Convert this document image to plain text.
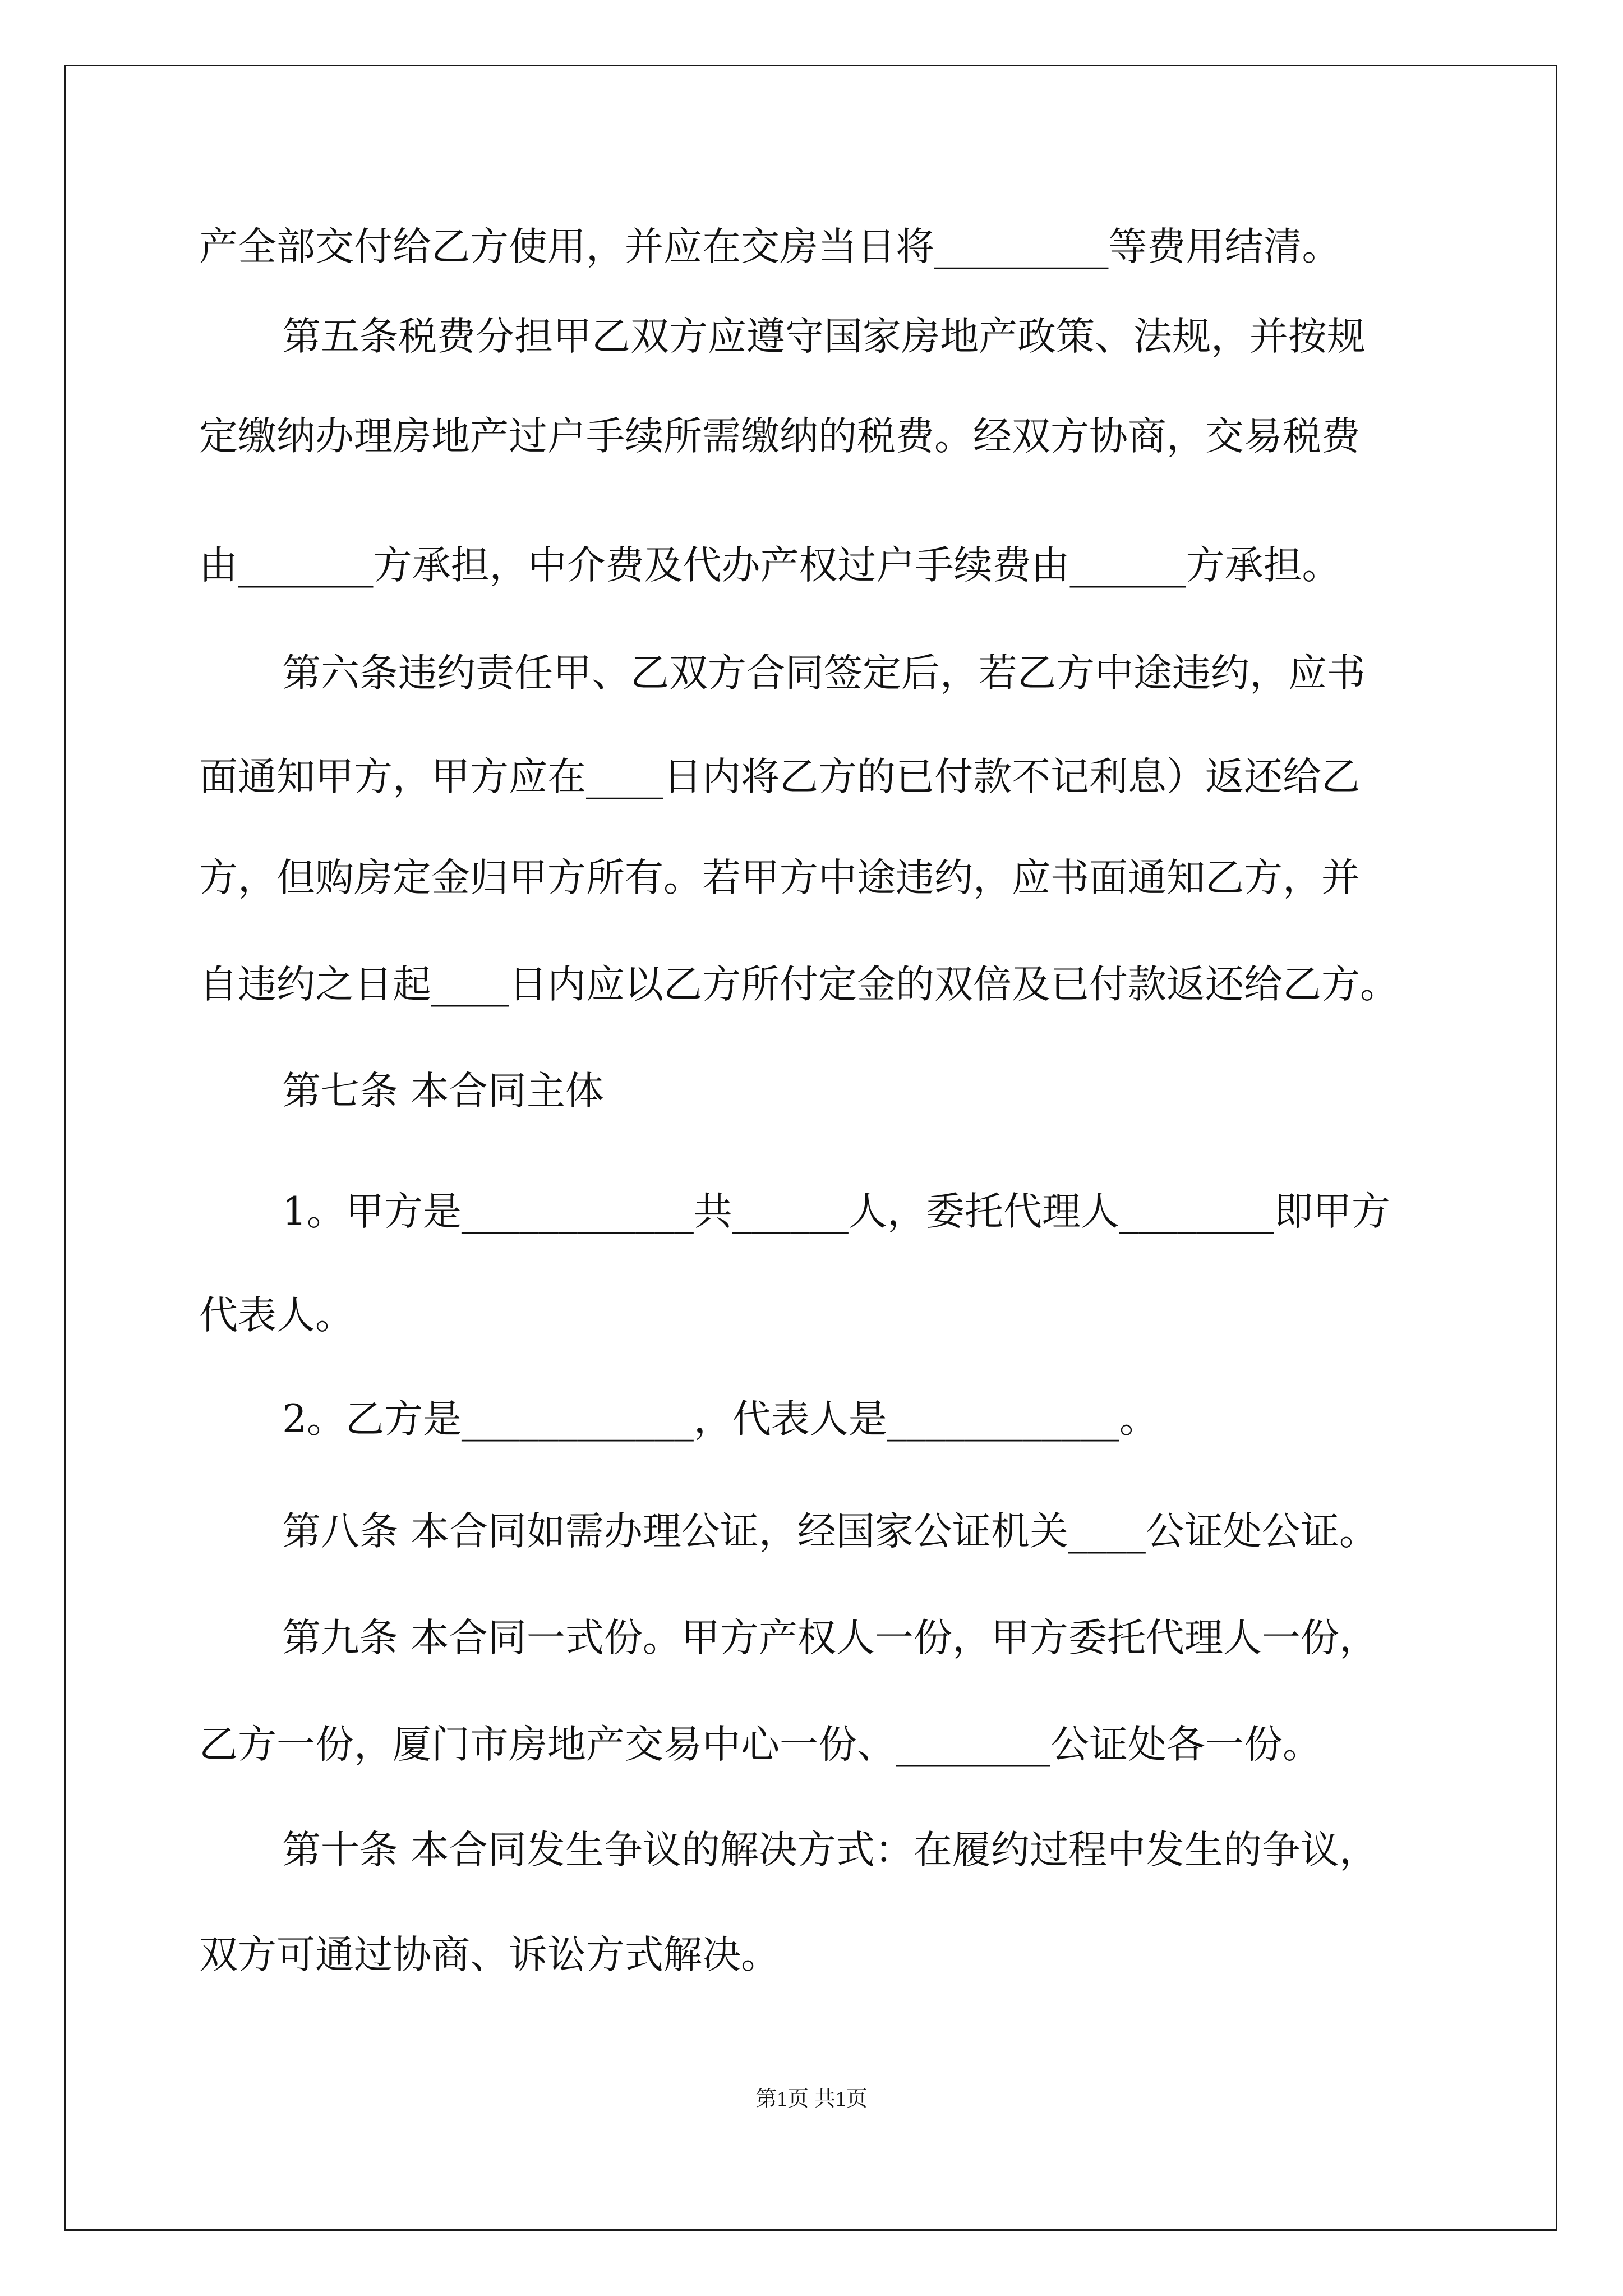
产全部交付给乙方使用，并应在交房当日将_________等费用结清。
第五条税费分担甲乙双方应遵守国家房地产政策、法规，并按规
定缴纳办理房地产过户手续所需缴纳的税费。经双方协商，交易税费
由_______方承担，中介费及代办产权过户手续费由______方承担。
第六条违约责任甲、乙双方合同签定后，若乙方中途违约，应书
面通知甲方，甲方应在____日内将乙方的已付款不记利息）返还给乙
方，但购房定金归甲方所有。若甲方中途违约，应书面通知乙方，并
自违约之日起____日内应以乙方所付定金的双倍及已付款返还给乙方。
第七条 本合同主体
1。甲方是____________共______人，委托代理人________即甲方
代表人。
2。乙方是____________，代表人是____________。
第八条 本合同如需办理公证，经国家公证机关____公证处公证。
第九条 本合同一式份。甲方产权人一份，甲方委托代理人一份，
乙方一份，厦门市房地产交易中心一份、________公证处各一份。
第十条 本合同发生争议的解决方式：在履约过程中发生的争议，
双方可通过协商、诉讼方式解决。
第1页 共1页
